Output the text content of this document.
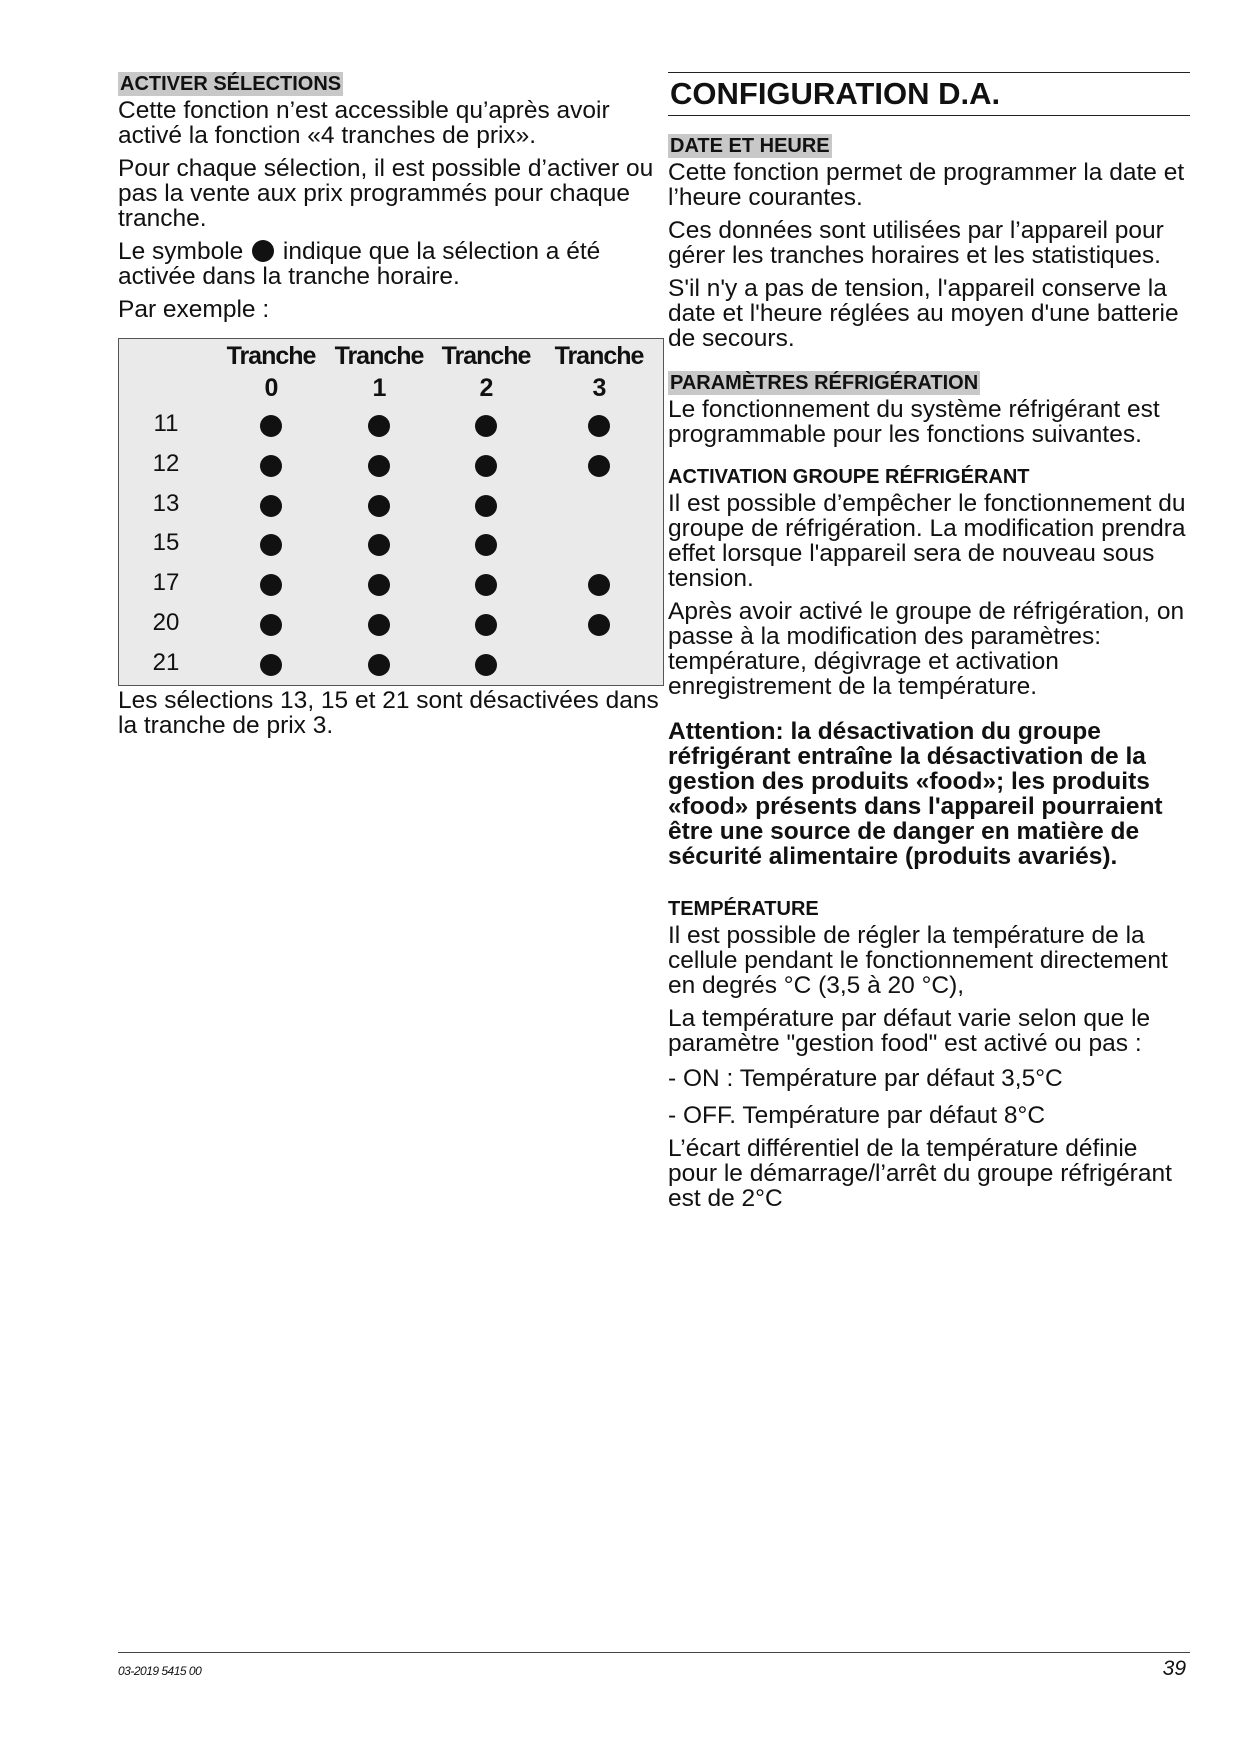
ACTIVER SÉLECTIONS

Cette fonction n’est accessible qu’après avoir activé la fonction «4 tranches de prix».

Pour chaque sélection, il est possible d’activer ou pas la vente aux prix programmés pour chaque tranche.

Le symbole indique que la sélection a été activée dans la tranche horaire.

Par exemple :

Tranche
0
Tranche
1
Tranche
2
Tranche
3
11
12
13
15
17
20
21

Les sélections 13, 15 et 21 sont désactivées dans la tranche de prix 3.

CONFIGURATION D.A.
DATE ET HEURE

Cette fonction permet de programmer la date et l’heure courantes.

Ces données sont utilisées par l’appareil pour gérer les tranches horaires et les statistiques.

S'il n'y a pas de tension, l'appareil conserve la date et l'heure réglées au moyen d'une batterie de secours.

PARAMÈTRES RÉFRIGÉRATION

Le fonctionnement du système réfrigérant est programmable pour les fonctions suivantes.

ACTIVATION GROUPE RÉFRIGÉRANT

Il est possible d’empêcher le fonctionnement du groupe de réfrigération. La modification prendra effet lorsque l'appareil sera de nouveau sous tension.

Après avoir activé le groupe de réfrigération, on passe à la modification des paramètres: température, dégivrage et activation enregistrement de la température.

Attention: la désactivation du groupe réfrigérant entraîne la désactivation de la gestion des produits «food»; les produits «food» présents dans l'appareil pourraient être une source de danger en matière de sécurité alimentaire (produits avariés).
TEMPÉRATURE

Il est possible de régler la température de la cellule pendant le fonctionnement directement en degrés °C (3,5 à 20 °C),

La température par défaut varie selon que le paramètre "gestion food" est activé ou pas :

- ON : Température par défaut 3,5°C

- OFF. Température par défaut 8°C

L’écart différentiel de la température définie pour le démarrage/l’arrêt du groupe réfrigérant est de 2°C

03-2019 5415 00	39
